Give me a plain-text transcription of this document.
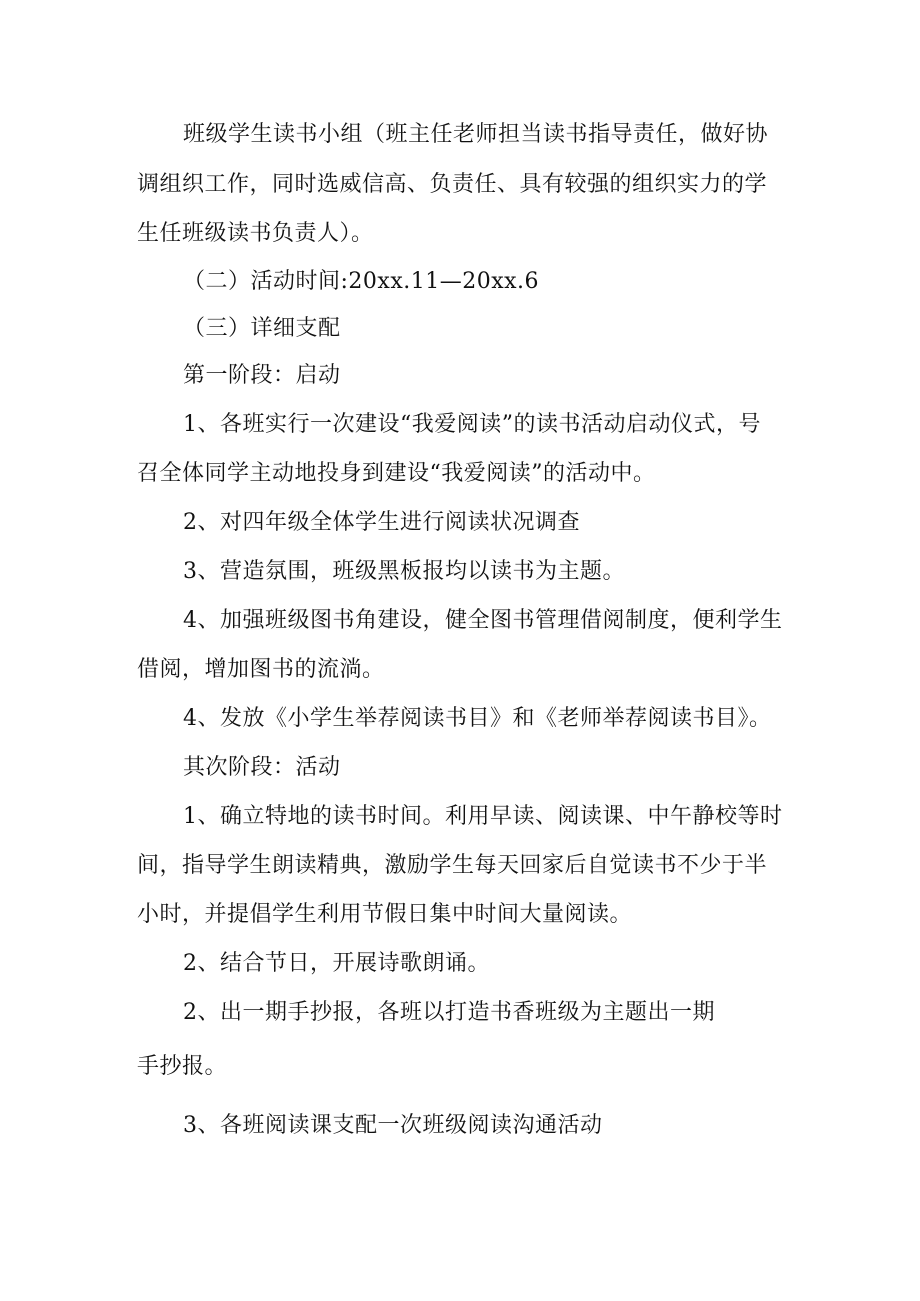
班级学生读书小组（班主任老师担当读书指导责任，做好协
调组织工作，同时选威信高、负责任、具有较强的组织实力的学
生任班级读书负责人）。
（二）活动时间:20xx.11—20xx.6
（三）详细支配
第一阶段：启动
1、各班实行一次建设“我爱阅读”的读书活动启动仪式，号
召全体同学主动地投身到建设“我爱阅读”的活动中。
2、对四年级全体学生进行阅读状况调查
3、营造氛围，班级黑板报均以读书为主题。
4、加强班级图书角建设，健全图书管理借阅制度，便利学生
借阅，增加图书的流淌。
4、发放《小学生举荐阅读书目》和《老师举荐阅读书目》。
其次阶段：活动
1、确立特地的读书时间。利用早读、阅读课、中午静校等时
间，指导学生朗读精典，激励学生每天回家后自觉读书不少于半
小时，并提倡学生利用节假日集中时间大量阅读。
2、结合节日，开展诗歌朗诵。
2、出一期手抄报，各班以打造书香班级为主题出一期
手抄报。
3、各班阅读课支配一次班级阅读沟通活动
